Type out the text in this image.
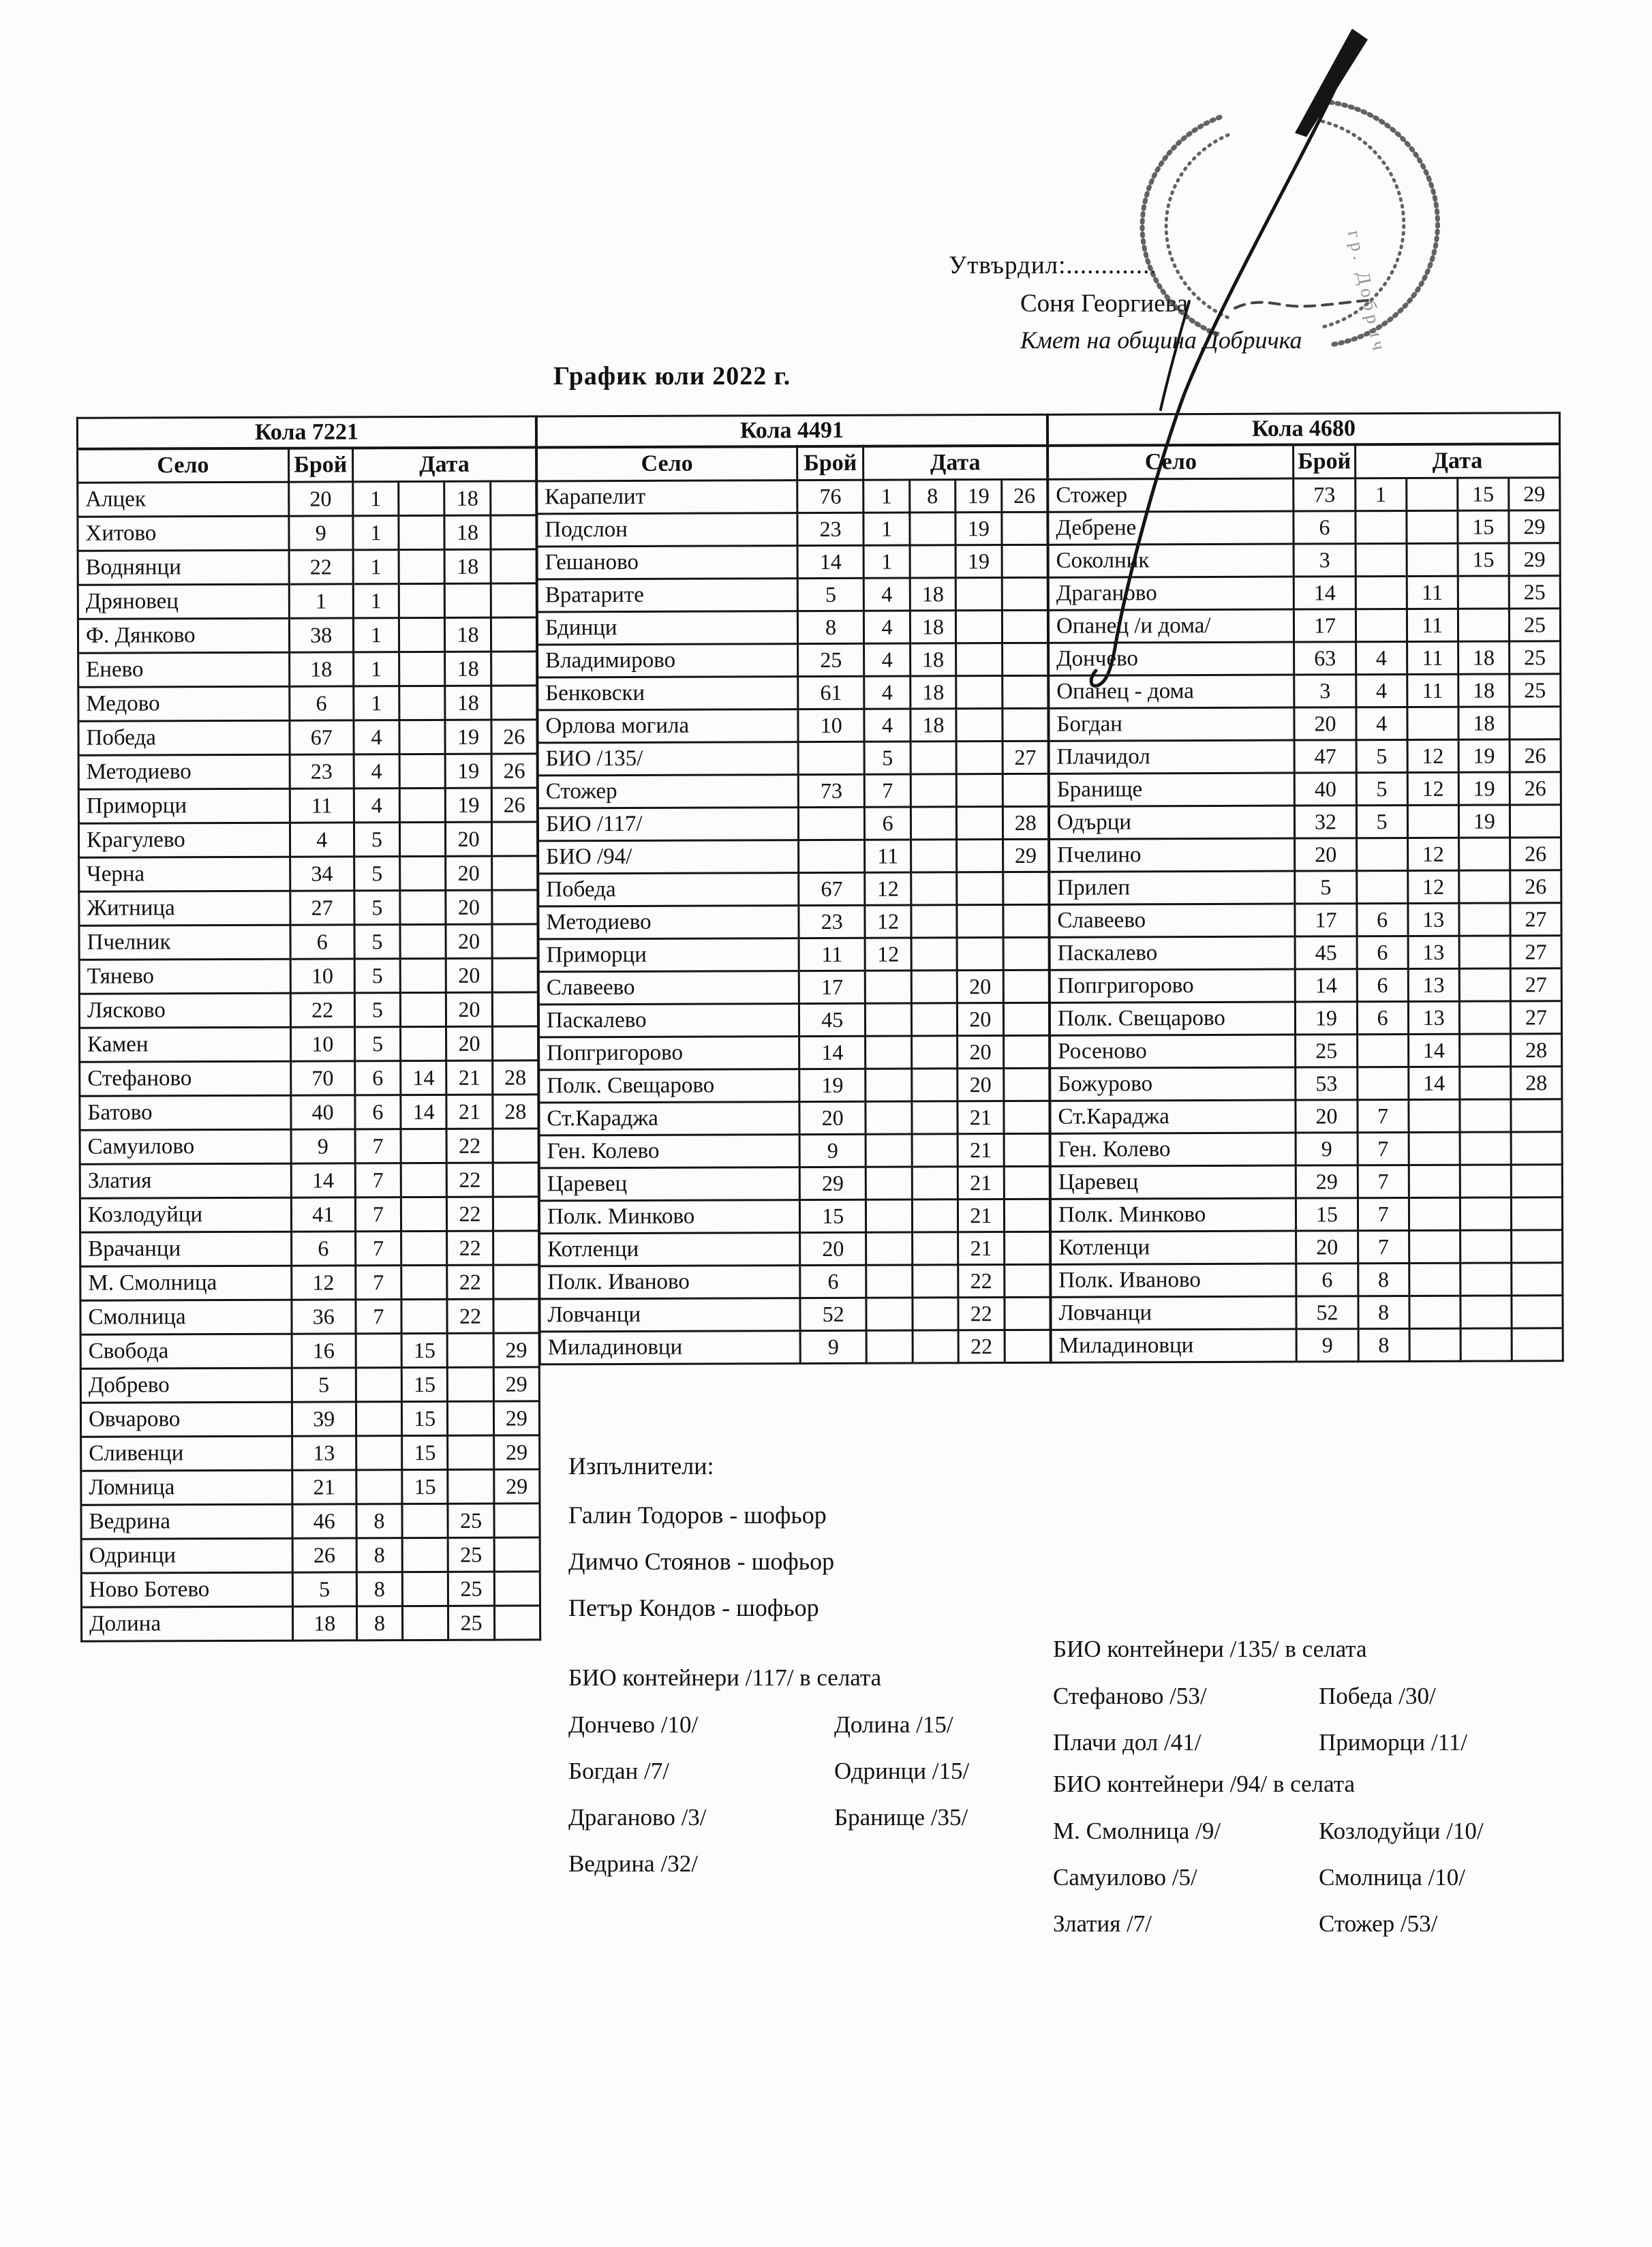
Утвърдил:.............
Соня Георгиева
Кмет на община Добричка
График юли 2022 г.
Кола 7221					
Село	Брой	Дата			
Алцек	20	1		18	
Хитово	9	1		18	
Воднянци	22	1		18	
Дряновец	1	1			
Ф. Дянково	38	1		18	
Енево	18	1		18	
Медово	6	1		18	
Победа	67	4		19	26
Методиево	23	4		19	26
Приморци	11	4		19	26
Крагулево	4	5		20	
Черна	34	5		20	
Житница	27	5		20	
Пчелник	6	5		20	
Тянево	10	5		20	
Лясково	22	5		20	
Камен	10	5		20	
Стефаново	70	6	14	21	28
Батово	40	6	14	21	28
Самуилово	9	7		22	
Златия	14	7		22	
Козлодуйци	41	7		22	
Врачанци	6	7		22	
М. Смолница	12	7		22	
Смолница	36	7		22	
Свобода	16		15		29
Добрево	5		15		29
Овчарово	39		15		29
Сливенци	13		15		29
Ломница	21		15		29
Ведрина	46	8		25	
Одринци	26	8		25	
Ново Ботево	5	8		25	
Долина	18	8		25	
Кола 4491					
Село	Брой	Дата			
Карапелит	76	1	8	19	26
Подслон	23	1		19	
Гешаново	14	1		19	
Вратарите	5	4	18		
Бдинци	8	4	18		
Владимирово	25	4	18		
Бенковски	61	4	18		
Орлова могила	10	4	18		
БИО /135/		5			27
Стожер	73	7			
БИО /117/		6			28
БИО /94/		11			29
Победа	67	12			
Методиево	23	12			
Приморци	11	12			
Славеево	17			20	
Паскалево	45			20	
Попгригорово	14			20	
Полк. Свещарово	19			20	
Ст.Караджа	20			21	
Ген. Колево	9			21	
Царевец	29			21	
Полк. Минково	15			21	
Котленци	20			21	
Полк. Иваново	6			22	
Ловчанци	52			22	
Миладиновци	9			22	
Кола 4680					
Село	Брой	Дата			
Стожер	73	1		15	29
Дебрене	6			15	29
Соколник	3			15	29
Драганово	14		11		25
Опанец /и дома/	17		11		25
Дончево	63	4	11	18	25
Опанец - дома	3	4	11	18	25
Богдан	20	4		18	
Плачидол	47	5	12	19	26
Бранище	40	5	12	19	26
Одърци	32	5		19	
Пчелино	20		12		26
Прилеп	5		12		26
Славеево	17	6	13		27
Паскалево	45	6	13		27
Попгригорово	14	6	13		27
Полк. Свещарово	19	6	13		27
Росеново	25		14		28
Божурово	53		14		28
Ст.Караджа	20	7			
Ген. Колево	9	7			
Царевец	29	7			
Полк. Минково	15	7			
Котленци	20	7			
Полк. Иваново	6	8			
Ловчанци	52	8			
Миладиновци	9	8			
Изпълнители:
Галин Тодоров - шофьор
Димчо Стоянов - шофьор
Петър Кондов - шофьор
БИО контейнери /117/ в селата
Дончево /10/	Долина /15/
Богдан /7/	Одринци /15/
Драганово /3/	Бранище /35/
Ведрина /32/
БИО контейнери /135/ в селата
Стефаново /53/	Победа /30/
Плачи дол /41/	Приморци /11/
БИО контейнери /94/ в селата
М. Смолница /9/	Козлодуйци /10/
Самуилово /5/	Смолница /10/
Златия /7/	Стожер /53/
гр. Добрич
